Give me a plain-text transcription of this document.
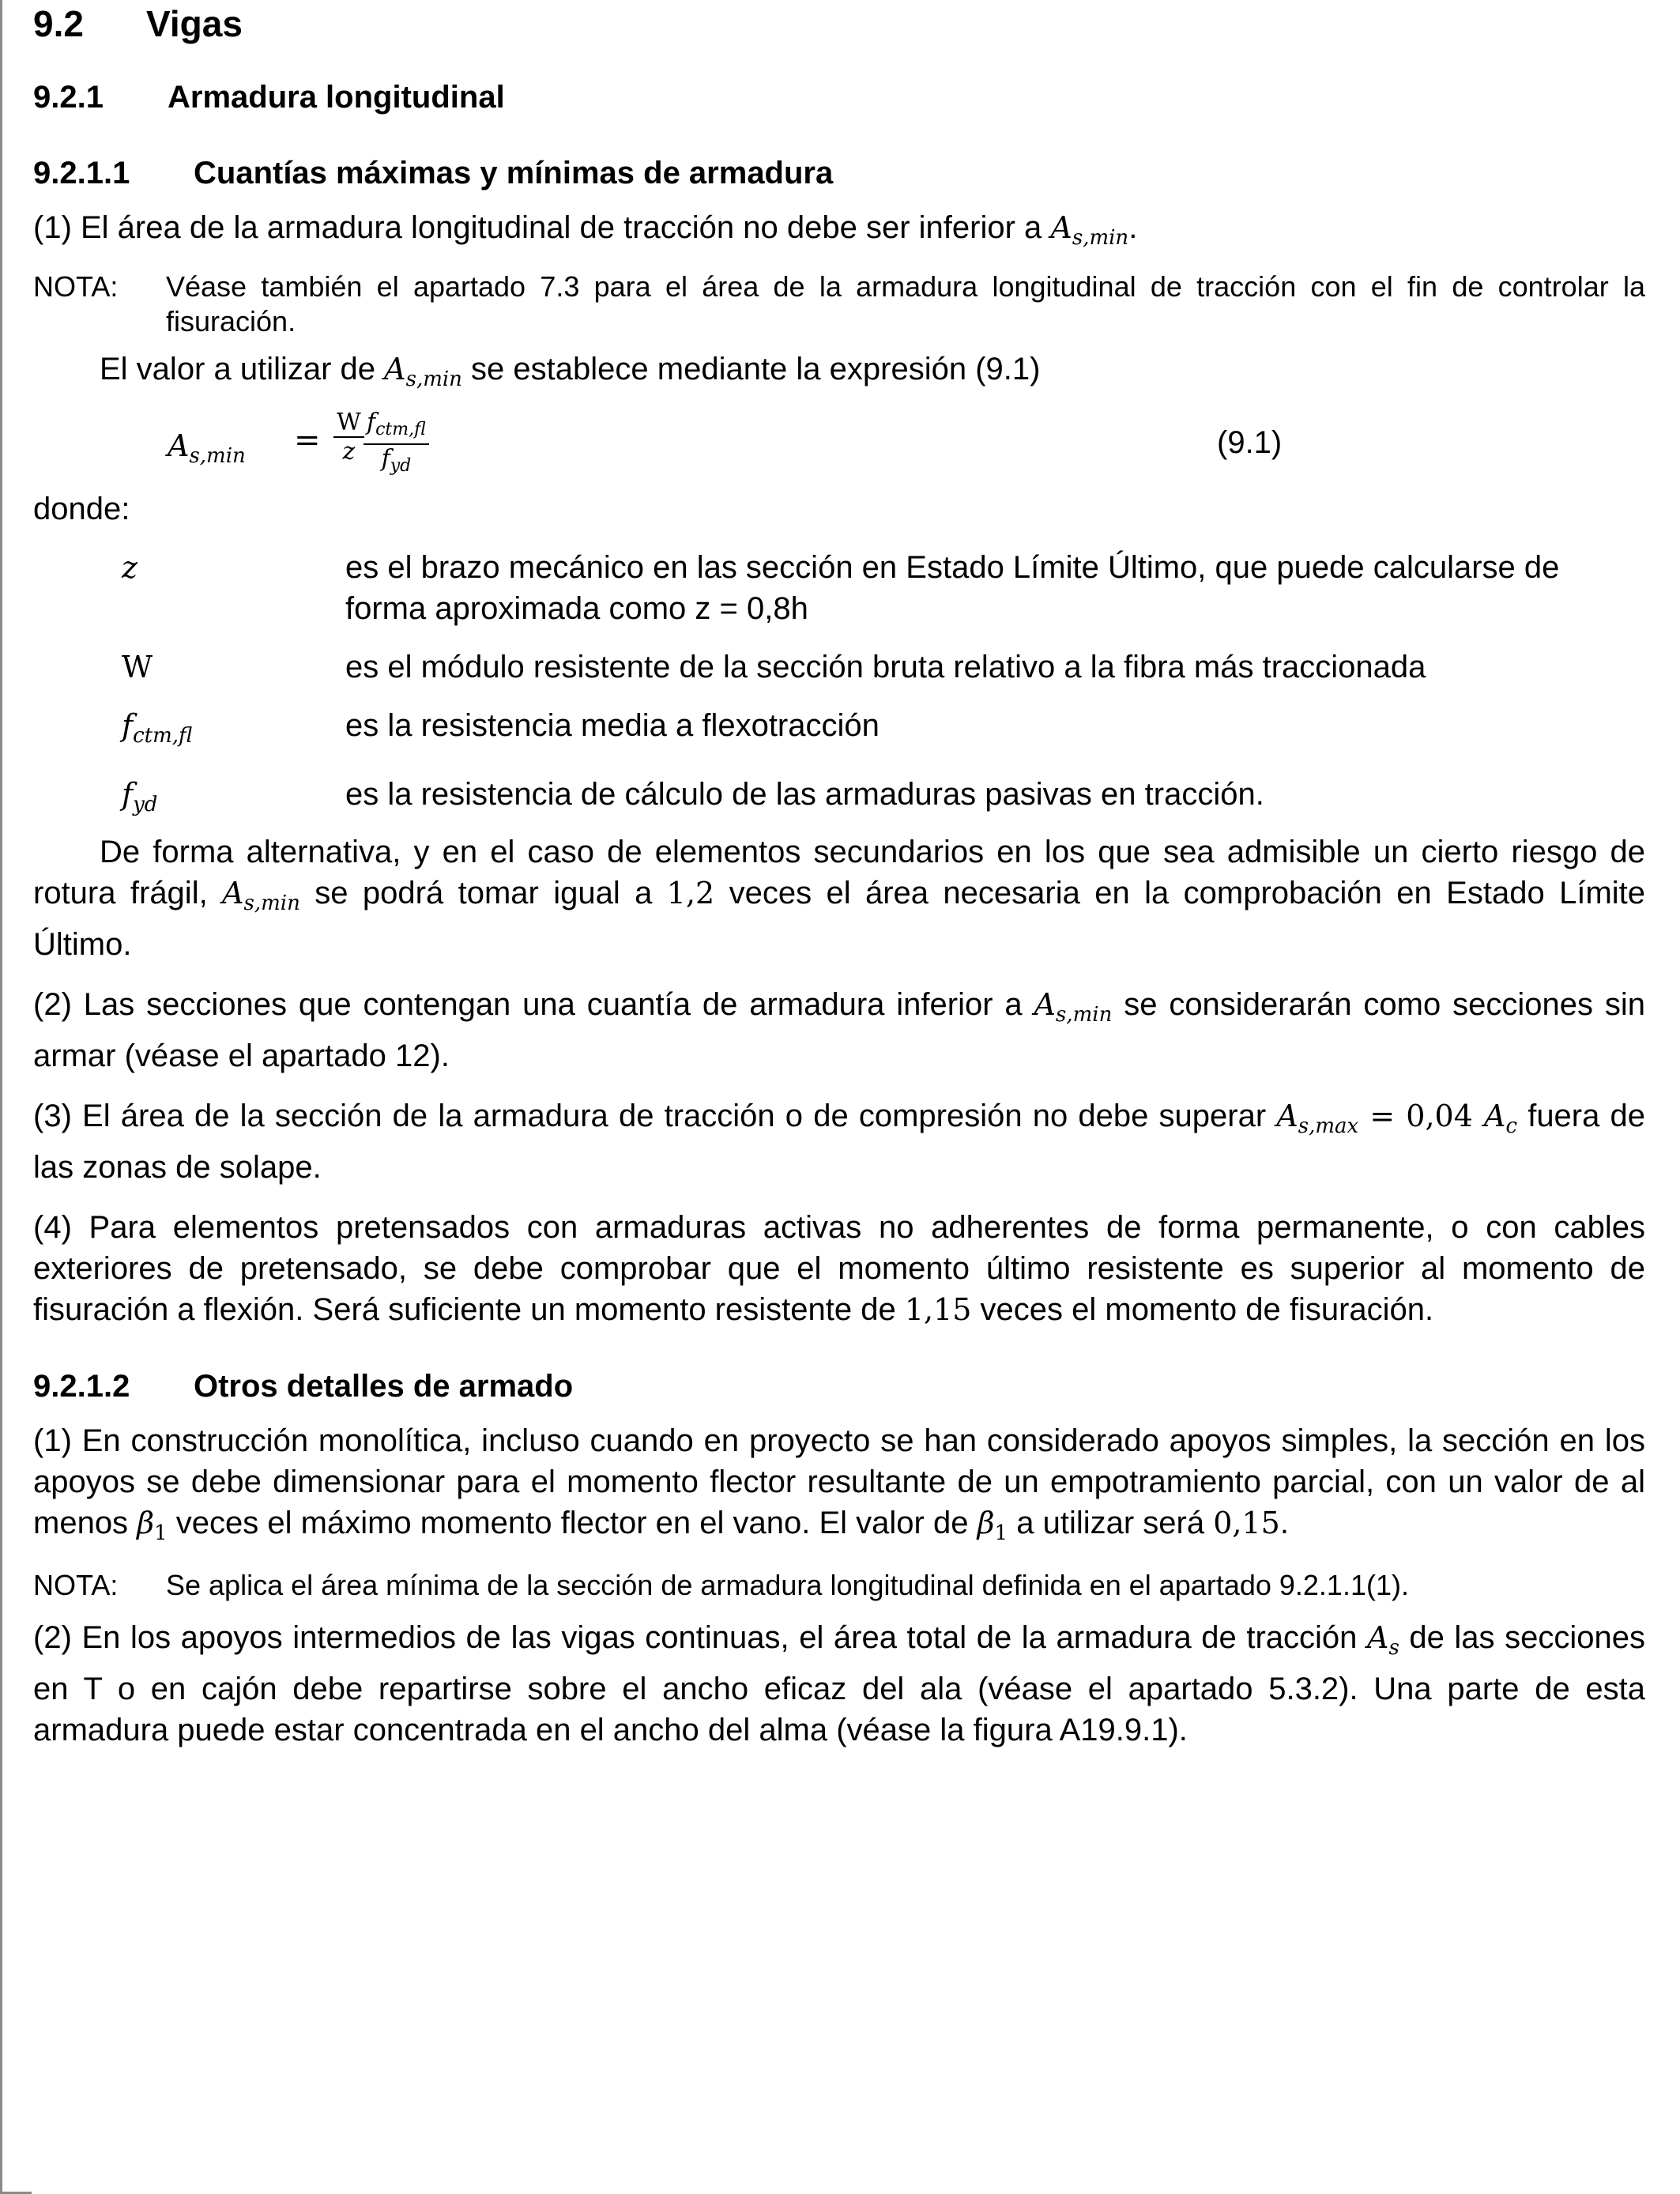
9.2 Vigas
9.2.1 Armadura longitudinal
9.2.1.1 Cuantías máximas y mínimas de armadura

(1) El área de la armadura longitudinal de tracción no debe ser inferior a $A_{s,min}$.

NOTA:	Véase también el apartado 7.3 para el área de la armadura longitudinal de tracción con el fin de controlar la fisuración.

El valor a utilizar de $A_{s,min}$ se establece mediante la expresión (9.1)

$A_{s,min} = \frac{W}{z} f_{ctm,fl}$
$f_{yd}$
(9.1)

donde:

z	es el brazo mecánico en las sección en Estado Límite Último, que puede calcularse de forma aproximada como z = 0,8h
W	es el módulo resistente de la sección bruta relativo a la fibra más traccionada
$f_{ctm,fl}$	es la resistencia media a flexotracción
$f_{yd}$	es la resistencia de cálculo de las armaduras pasivas en tracción.

De forma alternativa, y en el caso de elementos secundarios en los que sea admisible un cierto riesgo de rotura frágil, $A_{s,min}$ se podrá tomar igual a 1,2 veces el área necesaria en la comprobación en Estado Límite Último.

(2) Las secciones que contengan una cuantía de armadura inferior a $A_{s,min}$ se considerarán como secciones sin armar (véase el apartado 12).

(3) El área de la sección de la armadura de tracción o de compresión no debe superar $A_{s,max} = 0,04$ $A_c$ fuera de las zonas de solape.

(4) Para elementos pretensados con armaduras activas no adherentes de forma permanente, o con cables exteriores de pretensado, se debe comprobar que el momento último resistente es superior al momento de fisuración a flexión. Será suficiente un momento resistente de 1,15 veces el momento de fisuración.

9.2.1.2 Otros detalles de armado

(1) En construcción monolítica, incluso cuando en proyecto se han considerado apoyos simples, la sección en los apoyos se debe dimensionar para el momento flector resultante de un empotramiento parcial, con un valor de al menos $\beta_1$ veces el máximo momento flector en el vano. El valor de $\beta_1$ a utilizar será 0,15.

NOTA:	Se aplica el área mínima de la sección de armadura longitudinal definida en el apartado 9.2.1.1(1).

(2) En los apoyos intermedios de las vigas continuas, el área total de la armadura de tracción $A_s$ de las secciones en T o en cajón debe repartirse sobre el ancho eficaz del ala (véase el apartado 5.3.2). Una parte de esta armadura puede estar concentrada en el ancho del alma (véase la figura A19.9.1).
